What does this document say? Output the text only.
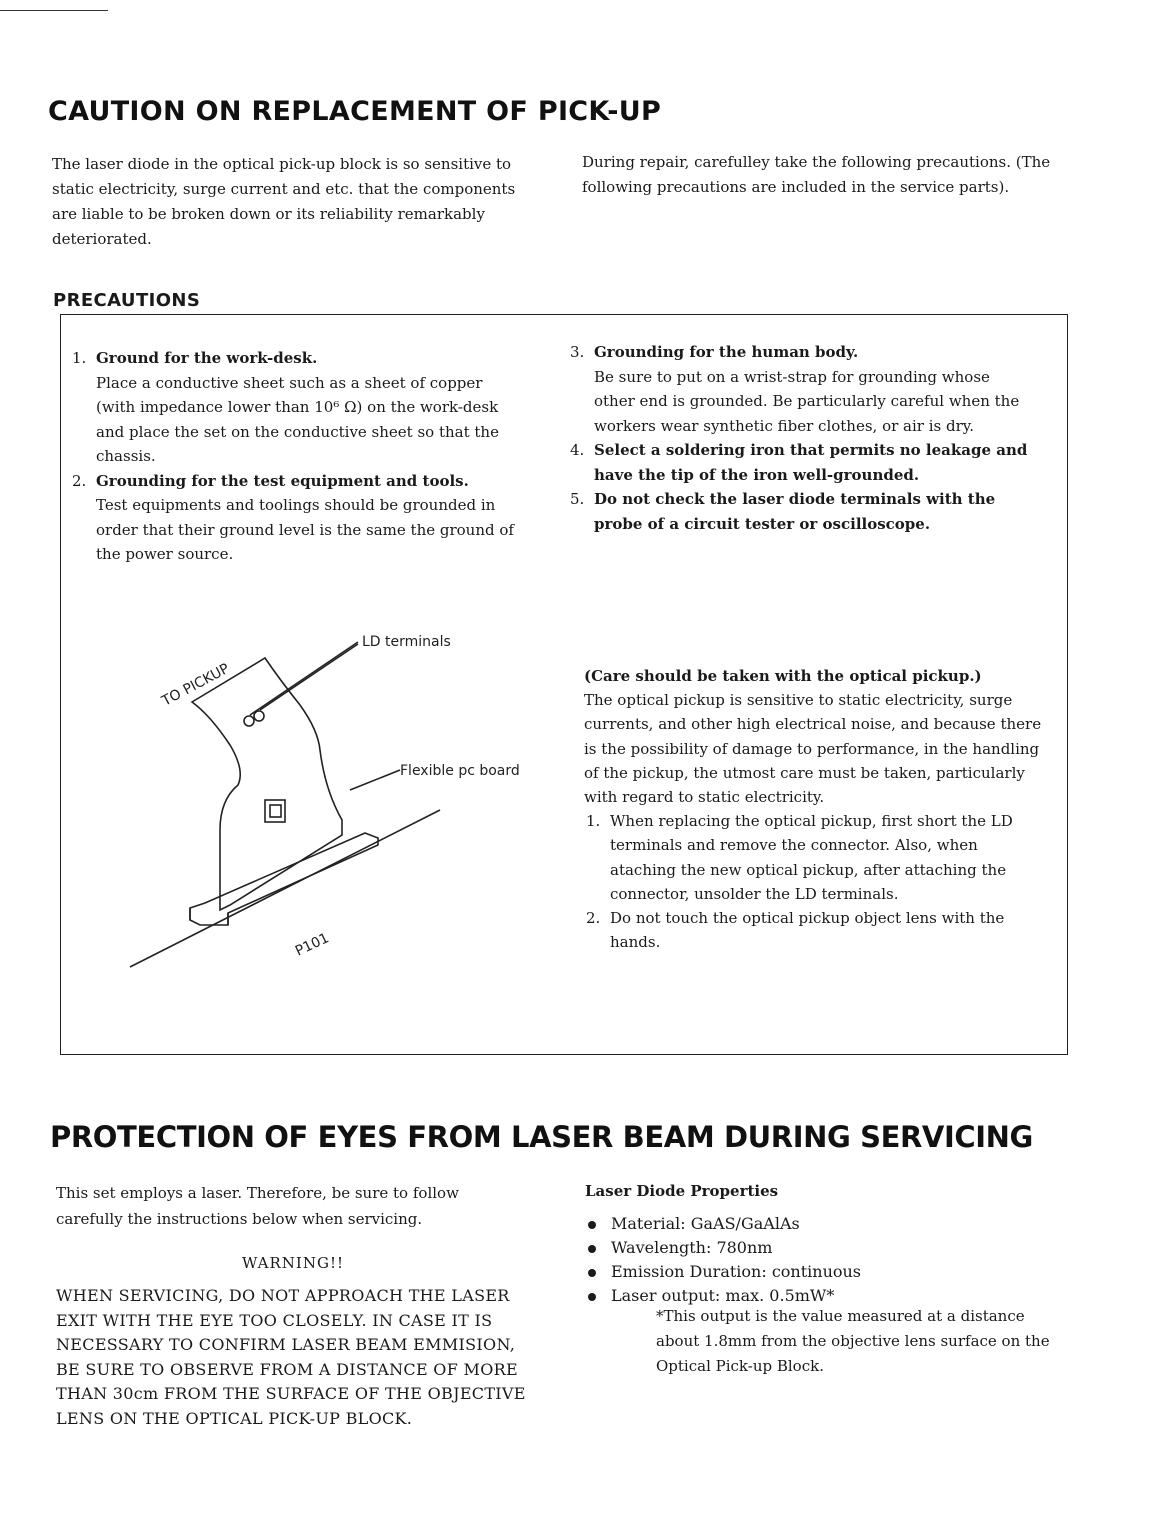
CAUTION ON REPLACEMENT OF PICK-UP

The laser diode in the optical pick-up block is so sensitive to static electricity, surge current and etc. that the components are liable to be broken down or its reliability remarkably deteriorated.

During repair, carefulley take the following precautions. (The following precautions are included in the service parts).

PRECAUTIONS
1. Ground for the work-desk.
Place a conductive sheet such as a sheet of copper (with impedance lower than 10⁶ Ω) on the work-desk and place the set on the conductive sheet so that the chassis.
2. Grounding for the test equipment and tools.
Test equipments and toolings should be grounded in order that their ground level is the same the ground of the power source.
3. Grounding for the human body.
Be sure to put on a wrist-strap for grounding whose other end is grounded. Be particularly careful when the workers wear synthetic fiber clothes, or air is dry.
4. Select a soldering iron that permits no leakage and have the tip of the iron well-grounded.
5. Do not check the laser diode terminals with the probe of a circuit tester or oscilloscope.
LD terminals
Flexible pc board
TO PICKUP
P101

(Care should be taken with the optical pickup.)

The optical pickup is sensitive to static electricity, surge currents, and other high electrical noise, and because there is the possibility of damage to performance, in the handling of the pickup, the utmost care must be taken, particularly with regard to static electricity.

1. When replacing the optical pickup, first short the LD terminals and remove the connector. Also, when ataching the new optical pickup, after attaching the connector, unsolder the LD terminals.
2. Do not touch the optical pickup object lens with the hands.
PROTECTION OF EYES FROM LASER BEAM DURING SERVICING

This set employs a laser. Therefore, be sure to follow carefully the instructions below when servicing.

WARNING!!

WHEN SERVICING, DO NOT APPROACH THE LASER EXIT WITH THE EYE TOO CLOSELY. IN CASE IT IS NECESSARY TO CONFIRM LASER BEAM EMMISION, BE SURE TO OBSERVE FROM A DISTANCE OF MORE THAN 30cm FROM THE SURFACE OF THE OBJECTIVE LENS ON THE OPTICAL PICK-UP BLOCK.

Laser Diode Properties
Material: GaAS/GaAlAs
Wavelength: 780nm
Emission Duration: continuous
Laser output: max. 0.5mW*

*This output is the value measured at a distance about 1.8mm from the objective lens surface on the Optical Pick-up Block.
